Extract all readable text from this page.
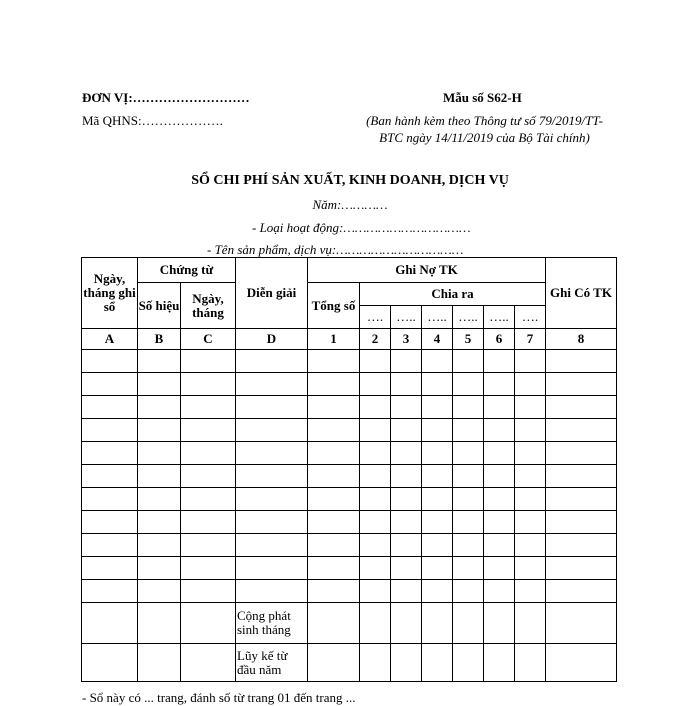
ĐƠN VỊ:………………………
Mã QHNS:……………….
Mẫu số S62-H
(Ban hành kèm theo Thông tư số 79/2019/TT-
BTC ngày 14/11/2019 của Bộ Tài chính)
SỔ CHI PHÍ SẢN XUẤT, KINH DOANH, DỊCH VỤ
Năm:…………
- Loại hoạt động:……………………………
- Tên sản phẩm, dịch vụ:……………………………
Ngày, tháng ghi sổ	Chứng từ		Diễn giải	Ghi Nợ TK							Ghi Có TK
	Số hiệu	Ngày, tháng		Tổng số	Chia ra						
					….	…..	…..	…..	…..	….	
A	B	C	D	1	2	3	4	5	6	7	8

			Cộng phát sinh tháng								
			Lũy kế từ đầu năm								
- Sổ này có ... trang, đánh số từ trang 01 đến trang ...
